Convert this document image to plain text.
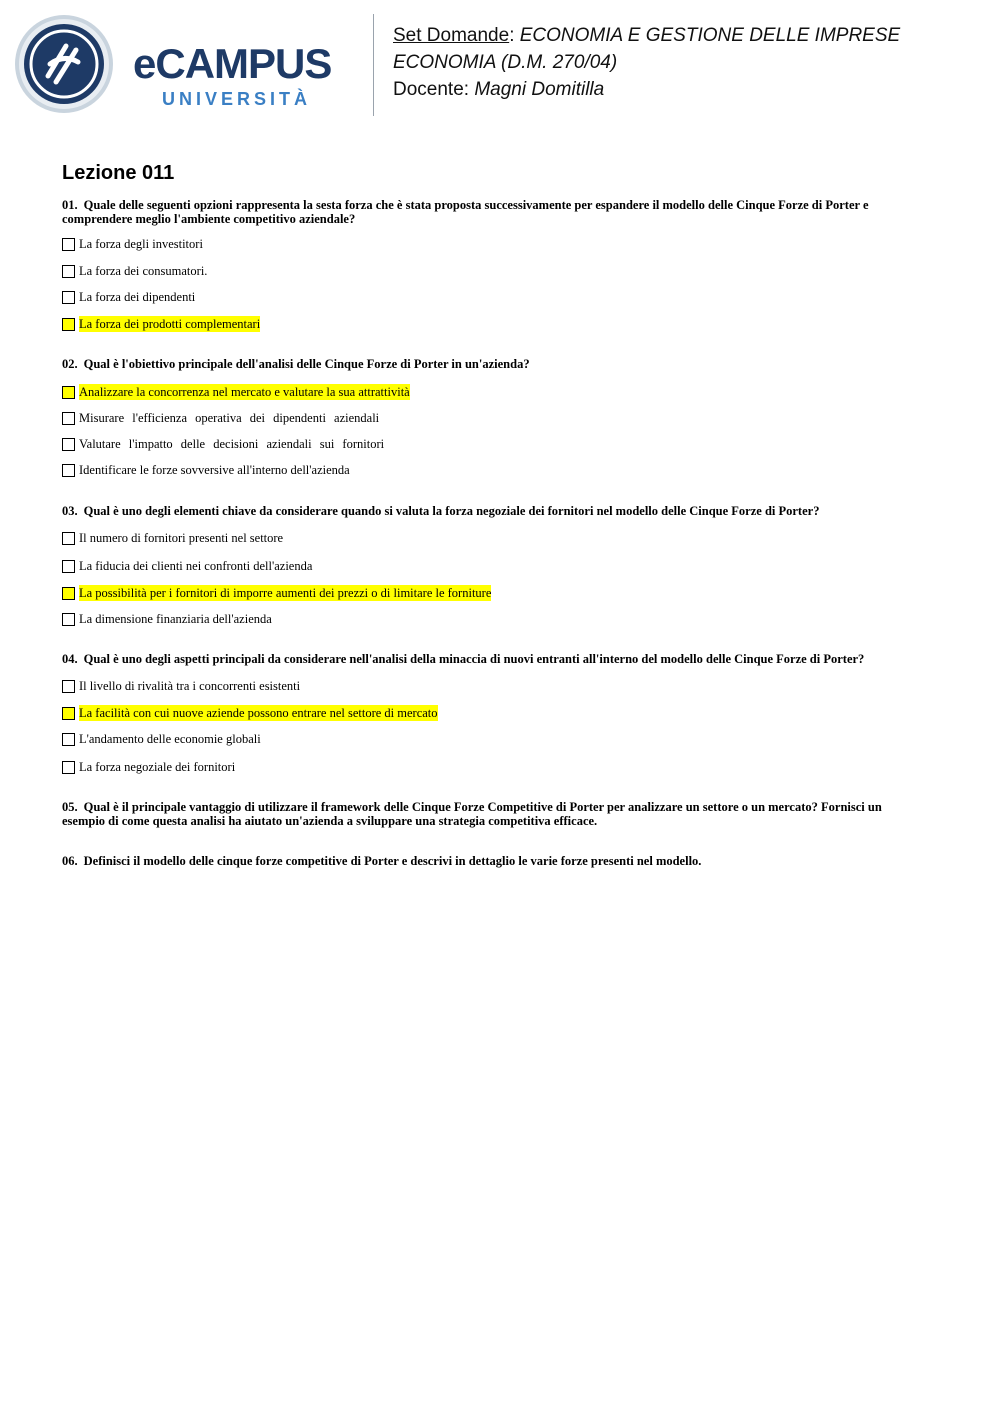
eCAMPUS
UNIVERSITÀ
Set Domande: ECONOMIA E GESTIONE DELLE IMPRESE
ECONOMIA (D.M. 270/04)
Docente: Magni Domitilla
Lezione 011
01. Quale delle seguenti opzioni rappresenta la sesta forza che è stata proposta successivamente per espandere il modello delle Cinque Forze di Porter e comprendere meglio l'ambiente competitivo aziendale?
La forza degli investitori
La forza dei consumatori.
La forza dei dipendenti
La forza dei prodotti complementari
02. Qual è l'obiettivo principale dell'analisi delle Cinque Forze di Porter in un'azienda?
Analizzare la concorrenza nel mercato e valutare la sua attrattività
Misurare l'efficienza operativa dei dipendenti aziendali
Valutare l'impatto delle decisioni aziendali sui fornitori
Identificare le forze sovversive all'interno dell'azienda
03. Qual è uno degli elementi chiave da considerare quando si valuta la forza negoziale dei fornitori nel modello delle Cinque Forze di Porter?
Il numero di fornitori presenti nel settore
La fiducia dei clienti nei confronti dell'azienda
La possibilità per i fornitori di imporre aumenti dei prezzi o di limitare le forniture
La dimensione finanziaria dell'azienda
04. Qual è uno degli aspetti principali da considerare nell'analisi della minaccia di nuovi entranti all'interno del modello delle Cinque Forze di Porter?
Il livello di rivalità tra i concorrenti esistenti
La facilità con cui nuove aziende possono entrare nel settore di mercato
L'andamento delle economie globali
La forza negoziale dei fornitori
05. Qual è il principale vantaggio di utilizzare il framework delle Cinque Forze Competitive di Porter per analizzare un settore o un mercato? Fornisci un esempio di come questa analisi ha aiutato un'azienda a sviluppare una strategia competitiva efficace.
06. Definisci il modello delle cinque forze competitive di Porter e descrivi in dettaglio le varie forze presenti nel modello.
